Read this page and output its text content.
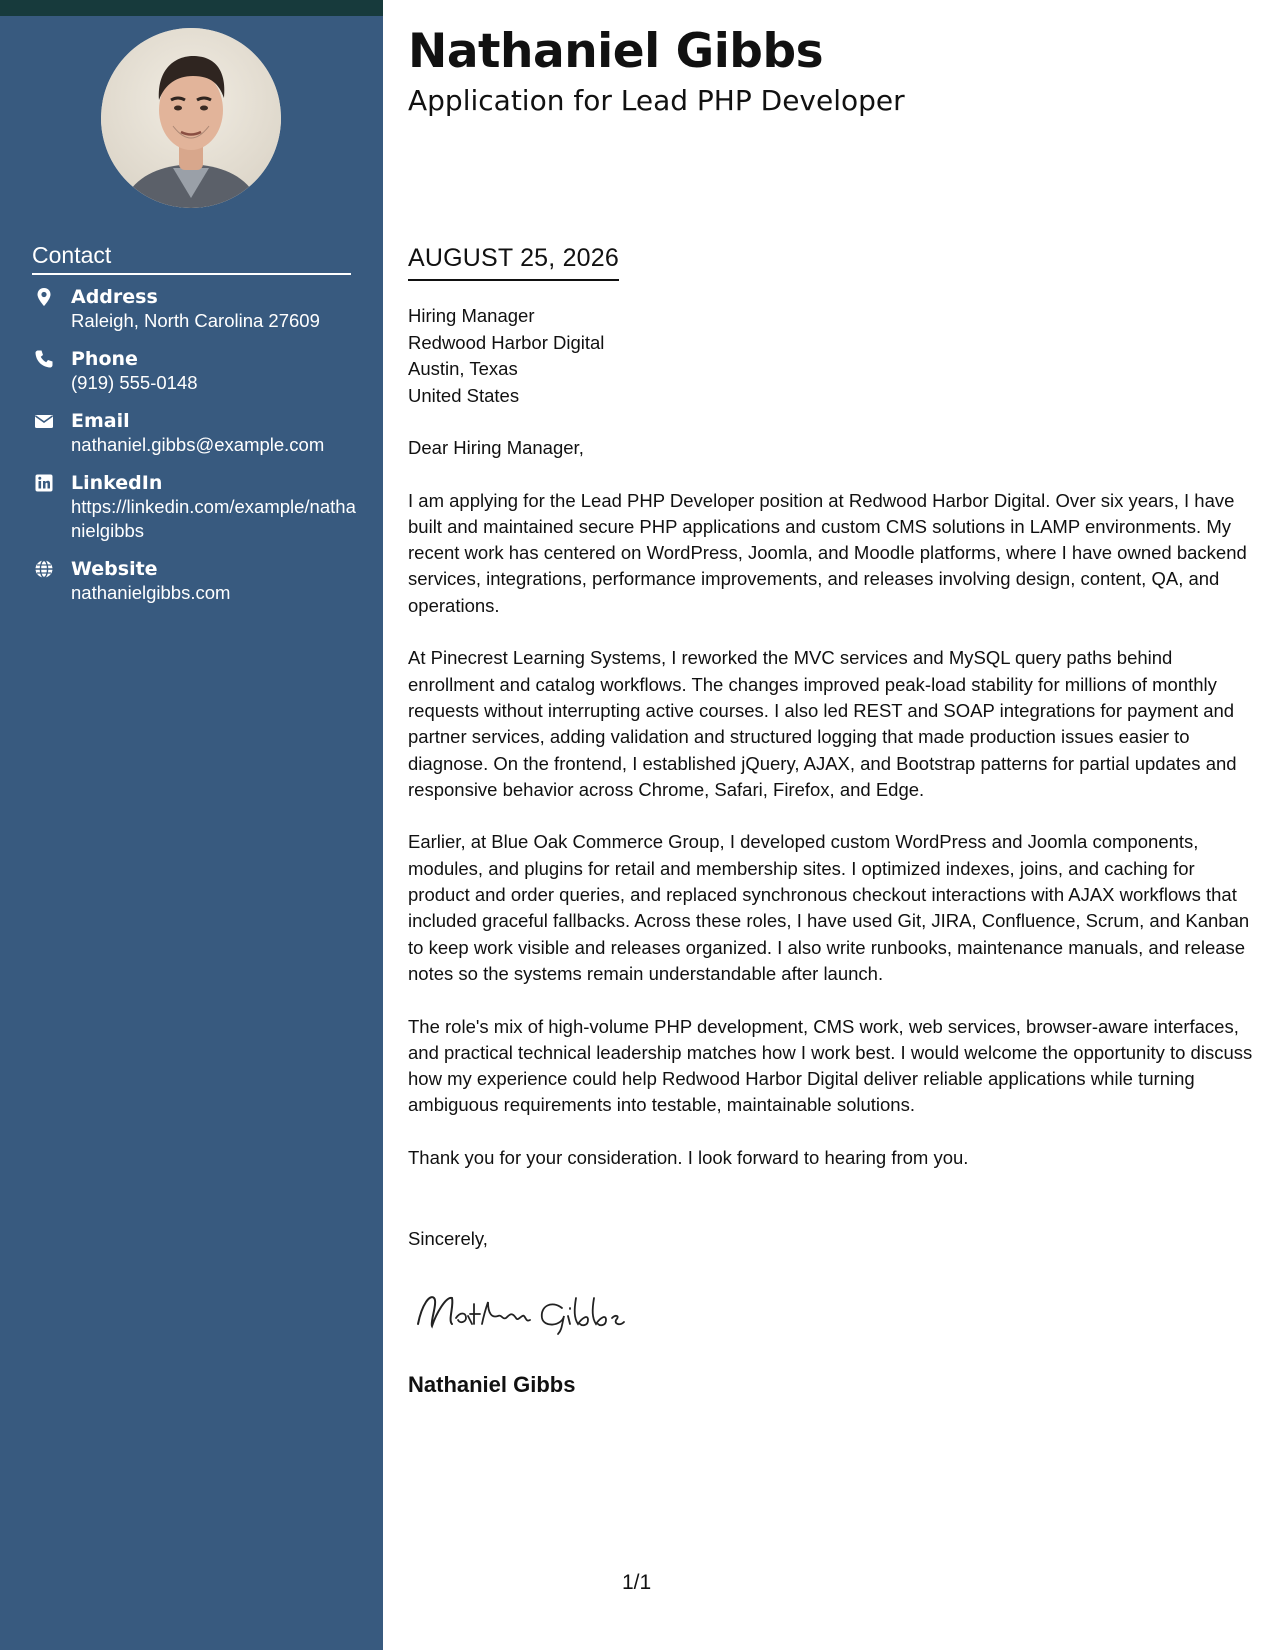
Contact
Address
Raleigh, North Carolina 27609
Phone
(919) 555-0148
Email
nathaniel.gibbs@example.com
LinkedIn
https://linkedin.com/example/nathanielgibbs
Website
nathanielgibbs.com
Nathaniel Gibbs
Application for Lead PHP Developer
AUGUST 25, 2026
Hiring Manager
Redwood Harbor Digital
Austin, Texas
United States

Dear Hiring Manager,

I am applying for the Lead PHP Developer position at Redwood Harbor Digital. Over six years, I have built and maintained secure PHP applications and custom CMS solutions in LAMP environments. My recent work has centered on WordPress, Joomla, and Moodle platforms, where I have owned backend services, integrations, performance improvements, and releases involving design, content, QA, and operations.

At Pinecrest Learning Systems, I reworked the MVC services and MySQL query paths behind enrollment and catalog workflows. The changes improved peak-load stability for millions of monthly requests without interrupting active courses. I also led REST and SOAP integrations for payment and partner services, adding validation and structured logging that made production issues easier to diagnose. On the frontend, I established jQuery, AJAX, and Bootstrap patterns for partial updates and responsive behavior across Chrome, Safari, Firefox, and Edge.

Earlier, at Blue Oak Commerce Group, I developed custom WordPress and Joomla components, modules, and plugins for retail and membership sites. I optimized indexes, joins, and caching for product and order queries, and replaced synchronous checkout interactions with AJAX workflows that included graceful fallbacks. Across these roles, I have used Git, JIRA, Confluence, Scrum, and Kanban to keep work visible and releases organized. I also write runbooks, maintenance manuals, and release notes so the systems remain understandable after launch.

The role's mix of high-volume PHP development, CMS work, web services, browser-aware interfaces, and practical technical leadership matches how I work best. I would welcome the opportunity to discuss how my experience could help Redwood Harbor Digital deliver reliable applications while turning ambiguous requirements into testable, maintainable solutions.

Thank you for your consideration. I look forward to hearing from you.

Sincerely,
Nathaniel Gibbs
1/1
